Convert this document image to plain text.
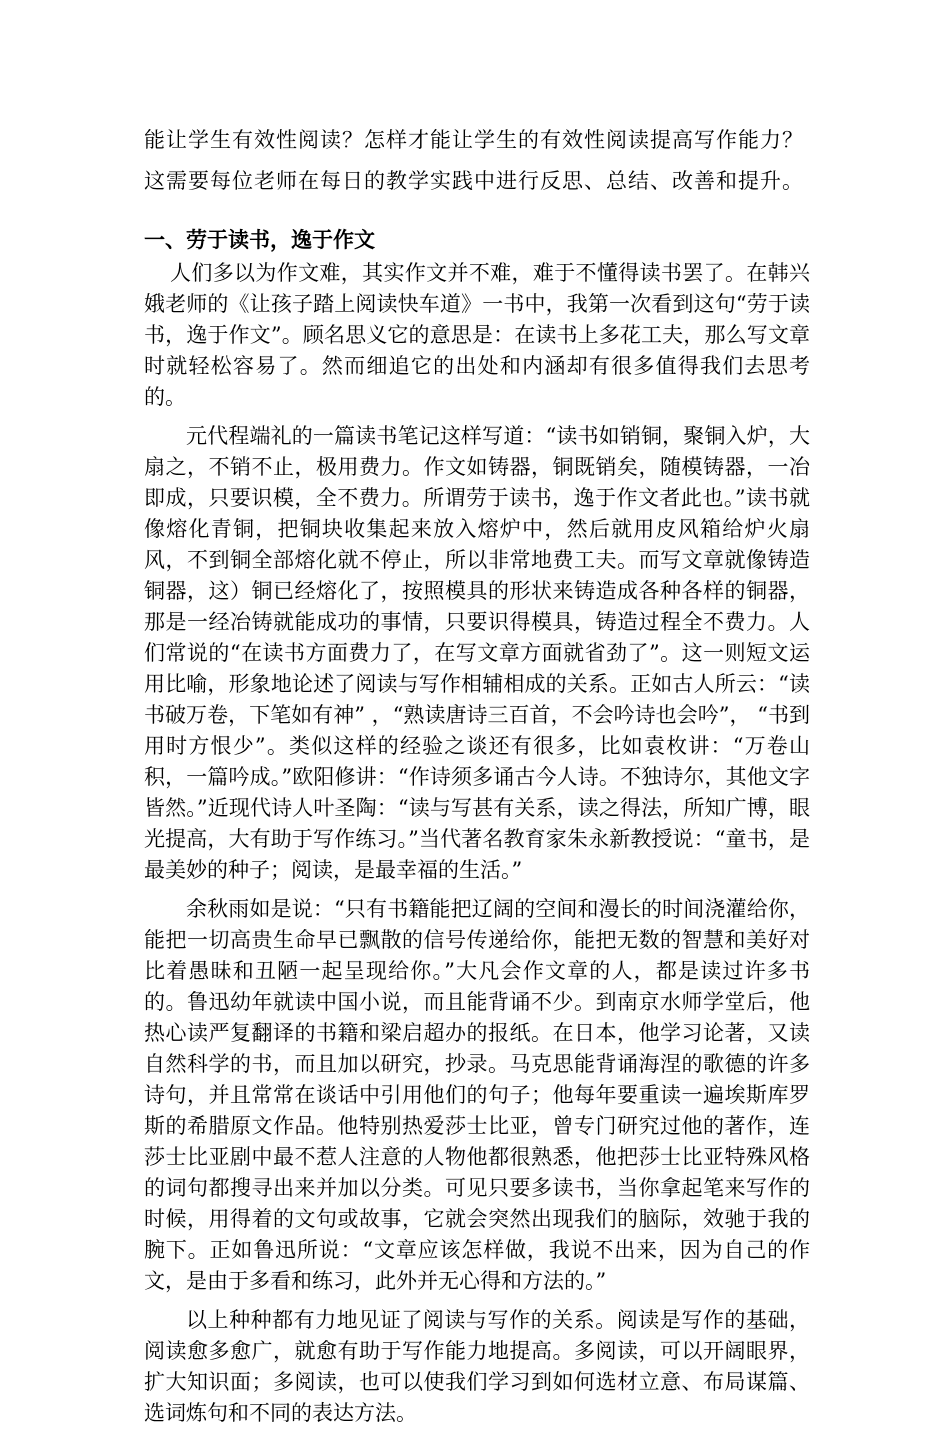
能让学生有效性阅读？怎样才能让学生的有效性阅读提高写作能力？

这需要每位老师在每日的教学实践中进行反思、总结、改善和提升。

一、劳于读书，逸于作文

人们多以为作文难，其实作文并不难，难于不懂得读书罢了。在韩兴娥老师的《让孩子踏上阅读快车道》一书中，我第一次看到这句“劳于读书，逸于作文”。顾名思义它的意思是：在读书上多花工夫，那么写文章时就轻松容易了。然而细追它的出处和内涵却有很多值得我们去思考的。

元代程端礼的一篇读书笔记这样写道：“读书如销铜，聚铜入炉，大扇之，不销不止，极用费力。作文如铸器，铜既销矣，随模铸器，一冶即成，只要识模，全不费力。所谓劳于读书，逸于作文者此也。”读书就像熔化青铜，把铜块收集起来放入熔炉中，然后就用皮风箱给炉火扇风，不到铜全部熔化就不停止，所以非常地费工夫。而写文章就像铸造铜器，这）铜已经熔化了，按照模具的形状来铸造成各种各样的铜器，那是一经冶铸就能成功的事情，只要识得模具，铸造过程全不费力。人们常说的“在读书方面费力了，在写文章方面就省劲了”。这一则短文运用比喻，形象地论述了阅读与写作相辅相成的关系。正如古人所云：“读书破万卷，下笔如有神” ，“熟读唐诗三百首，不会吟诗也会吟”， “书到用时方恨少”。类似这样的经验之谈还有很多，比如袁枚讲：“万卷山积，一篇吟成。”欧阳修讲：“作诗须多诵古今人诗。不独诗尔，其他文字皆然。”近现代诗人叶圣陶：“读与写甚有关系，读之得法，所知广博，眼光提高，大有助于写作练习。”当代著名教育家朱永新教授说：“童书，是最美妙的种子；阅读，是最幸福的生活。”

余秋雨如是说：“只有书籍能把辽阔的空间和漫长的时间浇灌给你，能把一切高贵生命早已飘散的信号传递给你，能把无数的智慧和美好对比着愚昧和丑陋一起呈现给你。”大凡会作文章的人，都是读过许多书的。鲁迅幼年就读中国小说，而且能背诵不少。到南京水师学堂后，他热心读严复翻译的书籍和梁启超办的报纸。在日本，他学习论著，又读自然科学的书，而且加以研究，抄录。马克思能背诵海涅的歌德的许多诗句，并且常常在谈话中引用他们的句子；他每年要重读一遍埃斯库罗斯的希腊原文作品。他特别热爱莎士比亚，曾专门研究过他的著作，连莎士比亚剧中最不惹人注意的人物他都很熟悉，他把莎士比亚特殊风格的词句都搜寻出来并加以分类。可见只要多读书，当你拿起笔来写作的时候，用得着的文句或故事，它就会突然出现我们的脑际，效驰于我的腕下。正如鲁迅所说：“文章应该怎样做，我说不出来，因为自己的作文，是由于多看和练习，此外并无心得和方法的。”

以上种种都有力地见证了阅读与写作的关系。阅读是写作的基础，阅读愈多愈广，就愈有助于写作能力地提高。多阅读，可以开阔眼界，扩大知识面；多阅读，也可以使我们学习到如何选材立意、布局谋篇、选词炼句和不同的表达方法。
